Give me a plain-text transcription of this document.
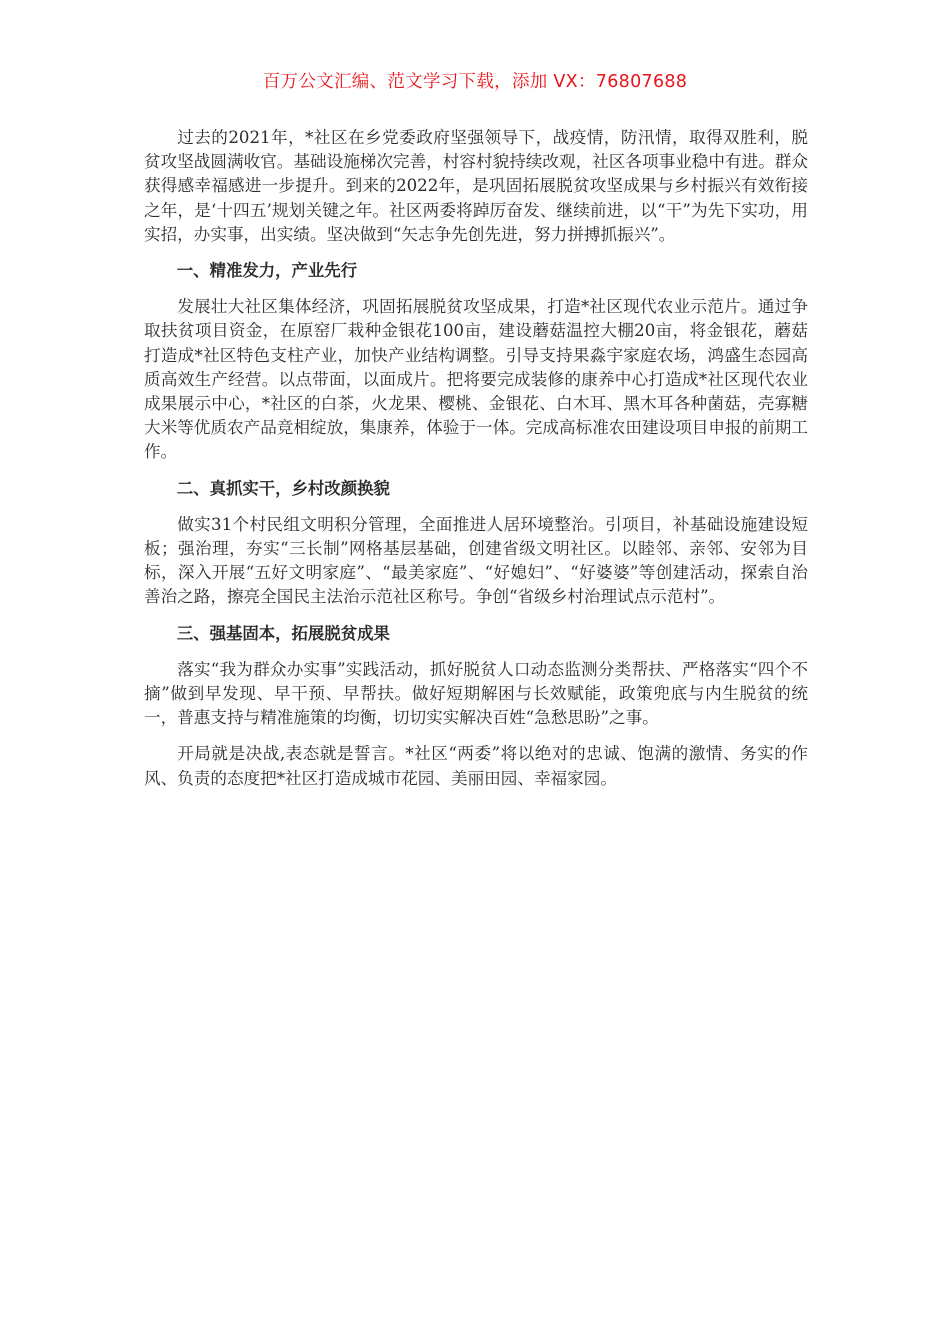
百万公文汇编、范文学习下载，添加 VX：76807688

过去的2021年，*社区在乡党委政府坚强领导下，战疫情，防汛情，取得双胜利，脱贫攻坚战圆满收官。基础设施梯次完善，村容村貌持续改观，社区各项事业稳中有进。群众获得感幸福感进一步提升。到来的2022年，是巩固拓展脱贫攻坚成果与乡村振兴有效衔接之年，是‘十四五’规划关键之年。社区两委将踔厉奋发、继续前进，以“干”为先下实功，用实招，办实事，出实绩。坚决做到“矢志争先创先进，努力拼搏抓振兴”。

一、精准发力，产业先行

发展壮大社区集体经济，巩固拓展脱贫攻坚成果，打造*社区现代农业示范片。通过争取扶贫项目资金，在原窑厂栽种金银花100亩，建设蘑菇温控大棚20亩，将金银花，蘑菇打造成*社区特色支柱产业，加快产业结构调整。引导支持果淼宇家庭农场，鸿盛生态园高质高效生产经营。以点带面，以面成片。把将要完成装修的康养中心打造成*社区现代农业成果展示中心，*社区的白茶，火龙果、樱桃、金银花、白木耳、黑木耳各种菌菇，壳寡糖大米等优质农产品竞相绽放，集康养，体验于一体。完成高标准农田建设项目申报的前期工作。

二、真抓实干，乡村改颜换貌

做实31个村民组文明积分管理，全面推进人居环境整治。引项目，补基础设施建设短板；强治理，夯实“三长制”网格基层基础，创建省级文明社区。以睦邻、亲邻、安邻为目标，深入开展“五好文明家庭”、“最美家庭”、“好媳妇”、“好婆婆”等创建活动，探索自治善治之路，擦亮全国民主法治示范社区称号。争创“省级乡村治理试点示范村”。

三、强基固本，拓展脱贫成果

落实“我为群众办实事”实践活动，抓好脱贫人口动态监测分类帮扶、严格落实“四个不摘”做到早发现、早干预、早帮扶。做好短期解困与长效赋能，政策兜底与内生脱贫的统一，普惠支持与精准施策的均衡，切切实实解决百姓“急愁思盼”之事。

开局就是决战,表态就是誓言。*社区“两委”将以绝对的忠诚、饱满的激情、务实的作风、负责的态度把*社区打造成城市花园、美丽田园、幸福家园。
